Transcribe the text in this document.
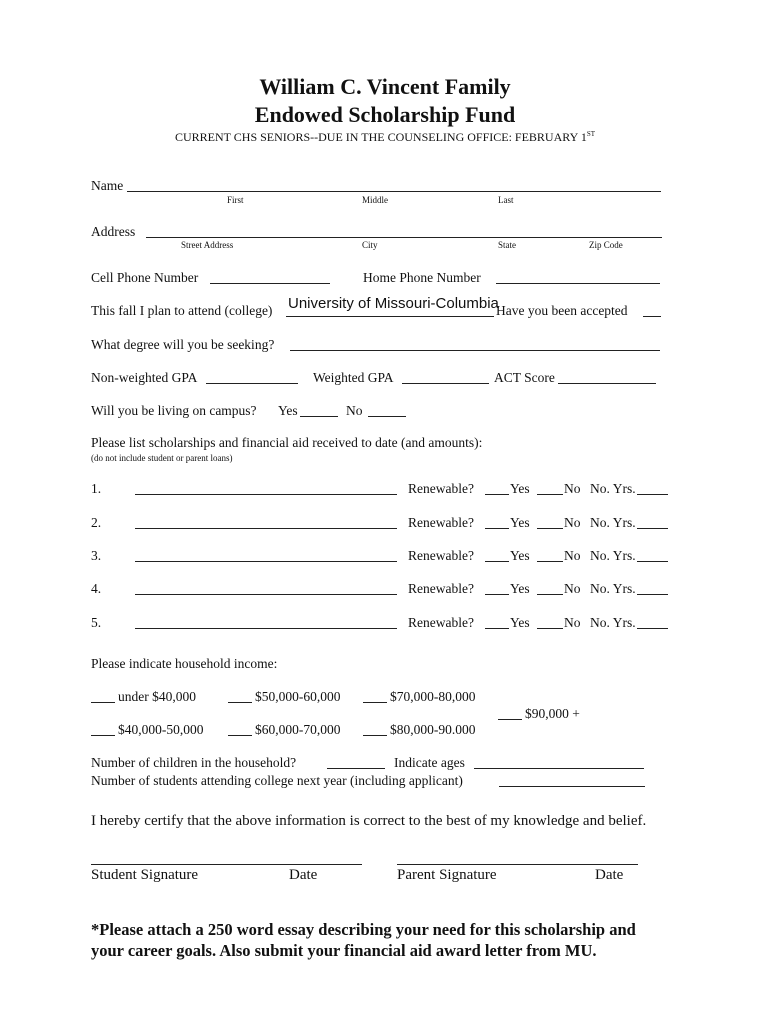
William C. Vincent Family
Endowed Scholarship Fund
CURRENT CHS SENIORS--DUE IN THE COUNSELING OFFICE: FEBRUARY 1ST
Name
First	Middle	Last
Address
Street Address	City	State	Zip Code
Cell Phone Number	Home Phone Number
This fall I plan to attend (college) University of Missouri-Columbia
Have you been accepted
What degree will you be seeking?
Non-weighted GPA	Weighted GPA	ACT Score
Will you be living on campus? Yes	No
Please list scholarships and financial aid received to date (and amounts):
(do not include student or parent loans)
1.	Renewable?	Yes	No No. Yrs.
2.	Renewable?	Yes	No No. Yrs.
3.	Renewable?	Yes	No No. Yrs.
4.	Renewable?	Yes	No No. Yrs.
5.	Renewable?	Yes	No No. Yrs.
Please indicate household income:
under $40,000	$50,000-60,000	$70,000-80,000
$40,000-50,000	$60,000-70,000	$80,000-90.000
$90,000 +
Number of children in the household?	Indicate ages
Number of students attending college next year (including applicant)
I hereby certify that the above information is correct to the best of my knowledge and belief.
Student Signature	Date	Parent Signature	Date
*Please attach a 250 word essay describing your need for this scholarship and
your career goals. Also submit your financial aid award letter from MU.
